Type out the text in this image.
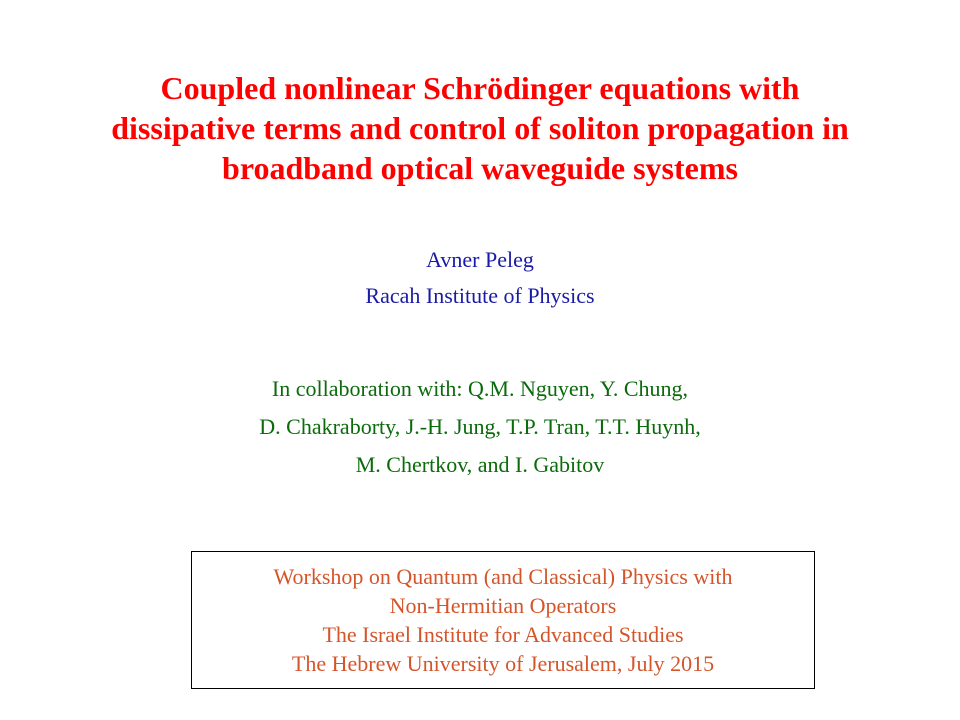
Coupled nonlinear Schrödinger equations with
dissipative terms and control of soliton propagation in
broadband optical waveguide systems
Avner Peleg
Racah Institute of Physics
In collaboration with: Q.M. Nguyen, Y. Chung,
D. Chakraborty, J.-H. Jung, T.P. Tran, T.T. Huynh,
M. Chertkov, and I. Gabitov
Workshop on Quantum (and Classical) Physics with
Non-Hermitian Operators
The Israel Institute for Advanced Studies
The Hebrew University of Jerusalem, July 2015
